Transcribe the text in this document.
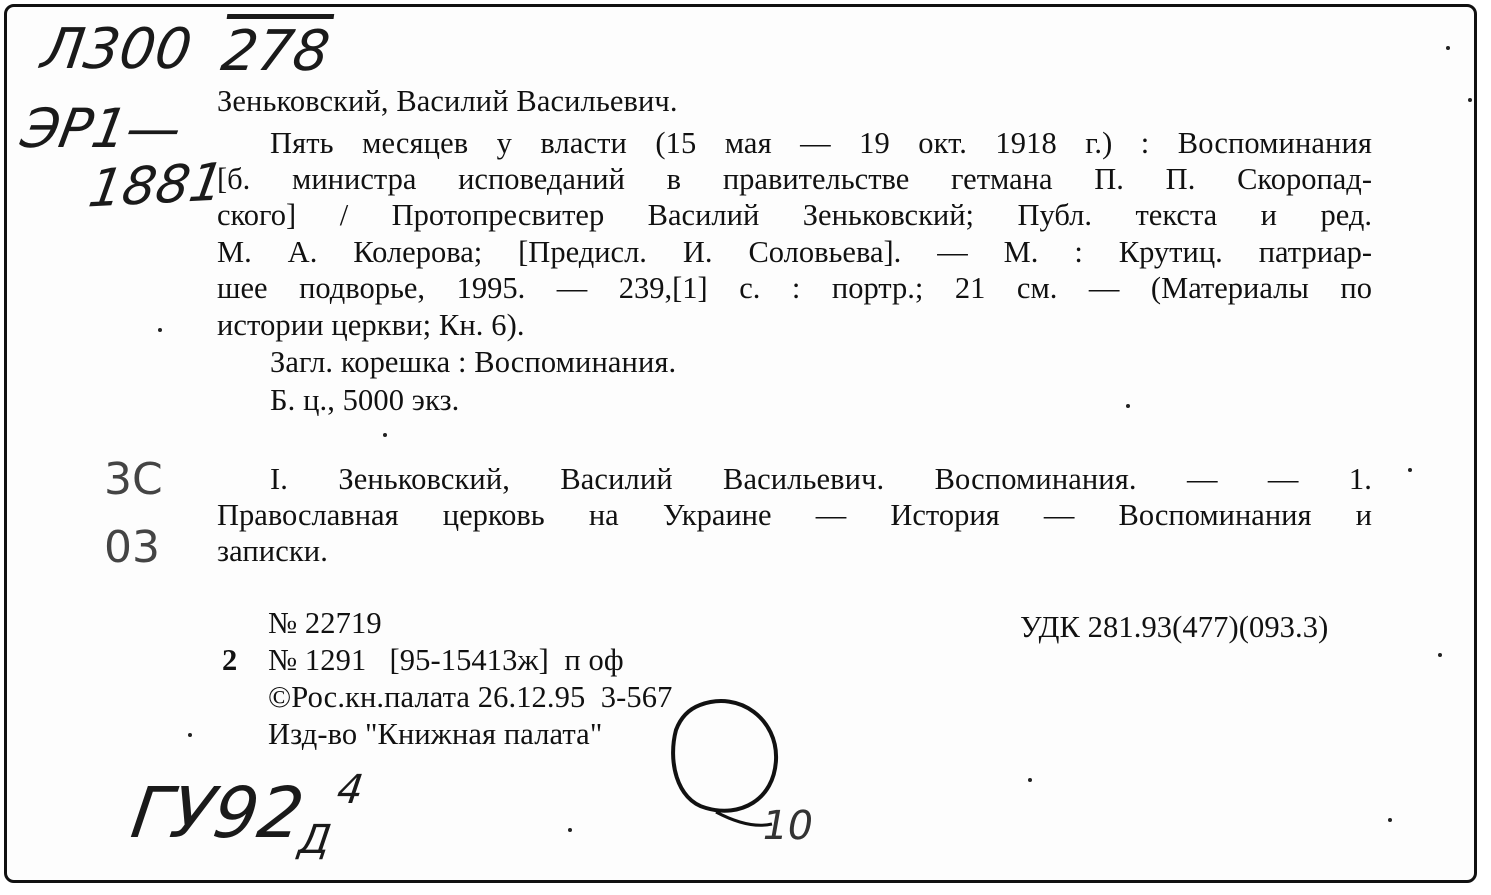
Л300 278
ЭР1—
1881
3С
03
$ГУ92_Д^4$
10
Зеньковский, Василий Васильевич.
Пять месяцев у власти (15 мая — 19 окт. 1918 г.) : Воспоминания
[б. министра исповеданий в правительстве гетмана П. П. Скоропад-
ского] / Протопресвитер Василий Зеньковский; Публ. текста и ред.
М. А. Колерова; [Предисл. И. Соловьева]. — М. : Крутиц. патриар-
шее подворье, 1995. — 239,[1] с. : портр.; 21 см. — (Материалы по
истории церкви; Кн. 6).
Загл. корешка : Воспоминания.
Б. ц., 5000 экз.
I. Зеньковский, Василий Васильевич. Воспоминания. — — 1.
Православная церковь на Украине — История — Воспоминания и
записки.
№ 22719	УДК 281.93(477)(093.3)
2 № 1291   [95-15413ж]  п оф
©Рос.кн.палата 26.12.95  3-567
Изд-во "Книжная палата"
